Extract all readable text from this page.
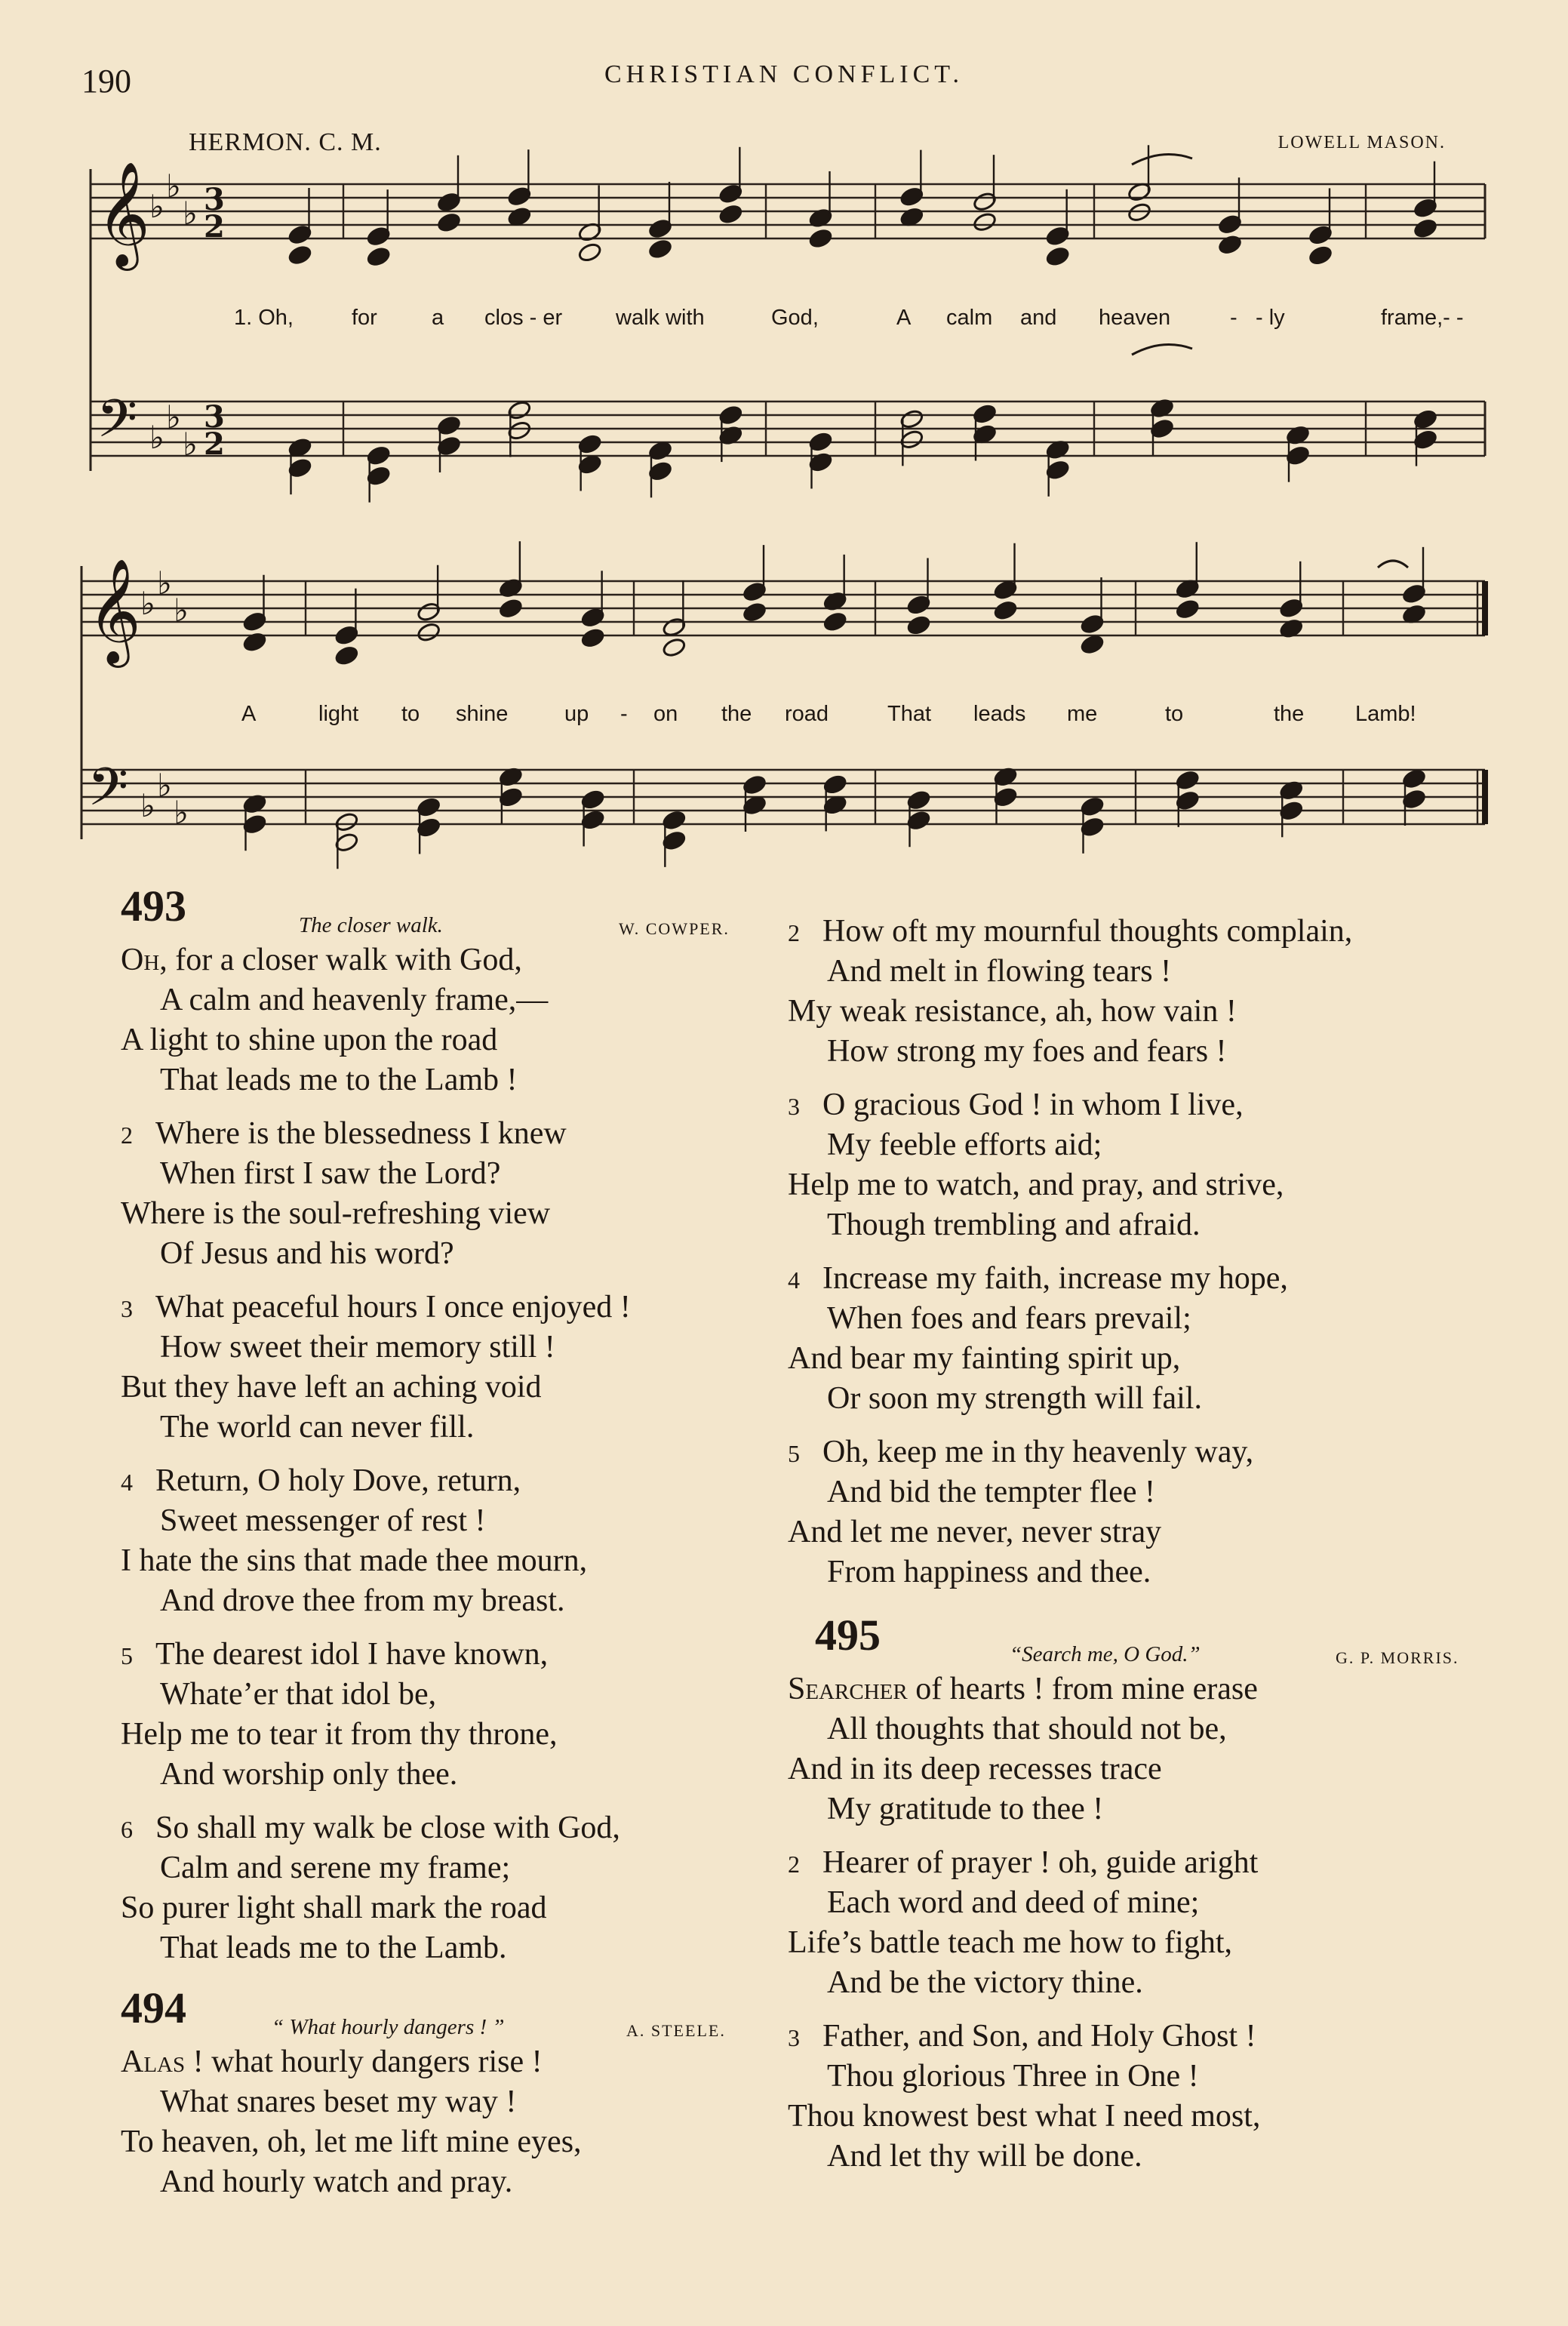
190	CHRISTIAN CONFLICT.
HERMON. C. M.	LOWELL MASON.
𝄞 ♭
♭
♭ 3
2
𝄢 ♭
♭
♭
3
2
𝄞 ♭
♭
♭
𝄢 ♭
♭
♭
1. Oh,	for a clos - er walk with	God,	A calm and heaven	- - ly	frame,- -
A	light to shine	up - on the road	That leads me	to	the Lamb!
493	The closer walk.	W. COWPER.
Oh, for a closer walk with God,
A calm and heavenly frame,—
A light to shine upon the road
That leads me to the Lamb !
2 Where is the blessedness I knew
When first I saw the Lord?
Where is the soul-refreshing view
Of Jesus and his word?
3 What peaceful hours I once enjoyed !
How sweet their memory still !
But they have left an aching void
The world can never fill.
4 Return, O holy Dove, return,
Sweet messenger of rest !
I hate the sins that made thee mourn,
And drove thee from my breast.
5 The dearest idol I have known,
Whate’er that idol be,
Help me to tear it from thy throne,
And worship only thee.
6 So shall my walk be close with God,
Calm and serene my frame;
So purer light shall mark the road
That leads me to the Lamb.
494	“ What hourly dangers ! ”	A. STEELE.
Alas ! what hourly dangers rise !
What snares beset my way !
To heaven, oh, let me lift mine eyes,
And hourly watch and pray.
2 How oft my mournful thoughts complain,
And melt in flowing tears !
My weak resistance, ah, how vain !
How strong my foes and fears !
3 O gracious God ! in whom I live,
My feeble efforts aid;
Help me to watch, and pray, and strive,
Though trembling and afraid.
4 Increase my faith, increase my hope,
When foes and fears prevail;
And bear my fainting spirit up,
Or soon my strength will fail.
5 Oh, keep me in thy heavenly way,
And bid the tempter flee !
And let me never, never stray
From happiness and thee.
495	“Search me, O God.”	G. P. MORRIS.
Searcher of hearts ! from mine erase
All thoughts that should not be,
And in its deep recesses trace
My gratitude to thee !
2 Hearer of prayer ! oh, guide aright
Each word and deed of mine;
Life’s battle teach me how to fight,
And be the victory thine.
3 Father, and Son, and Holy Ghost !
Thou glorious Three in One !
Thou knowest best what I need most,
And let thy will be done.
